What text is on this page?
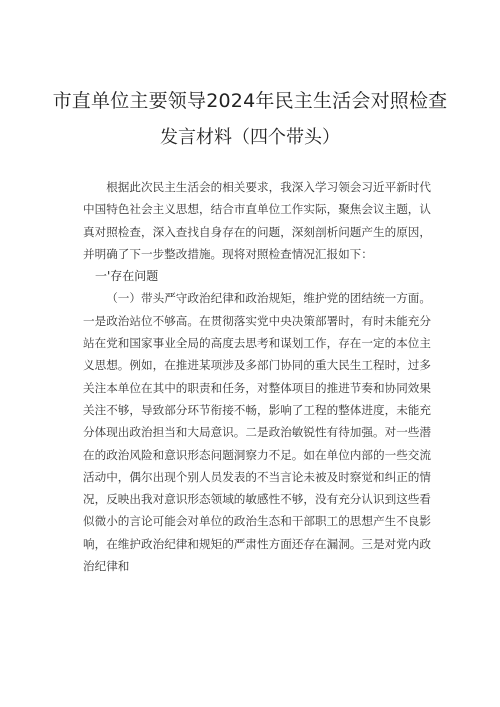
市直单位主要领导2024年民主生活会对照检查
发言材料（四个带头）

根据此次民主生活会的相关要求，我深入学习领会习近平新时代中国特色社会主义思想，结合市直单位工作实际，聚焦会议主题，认真对照检查，深入查找自身存在的问题，深刻剖析问题产生的原因，并明确了下一步整改措施。现将对照检查情况汇报如下：

一'存在问题

（一）带头严守政治纪律和政治规矩，维护党的团结统一方面。一是政治站位不够高。在贯彻落实党中央决策部署时，有时未能充分站在党和国家事业全局的高度去思考和谋划工作，存在一定的本位主义思想。例如，在推进某项涉及多部门协同的重大民生工程时，过多关注本单位在其中的职责和任务，对整体项目的推进节奏和协同效果关注不够，导致部分环节衔接不畅，影响了工程的整体进度，未能充分体现出政治担当和大局意识。二是政治敏锐性有待加强。对一些潜在的政治风险和意识形态问题洞察力不足。如在单位内部的一些交流活动中，偶尔出现个别人员发表的不当言论未被及时察觉和纠正的情况，反映出我对意识形态领域的敏感性不够，没有充分认识到这些看似微小的言论可能会对单位的政治生态和干部职工的思想产生不良影响，在维护政治纪律和规矩的严肃性方面还存在漏洞。三是对党内政治纪律和
